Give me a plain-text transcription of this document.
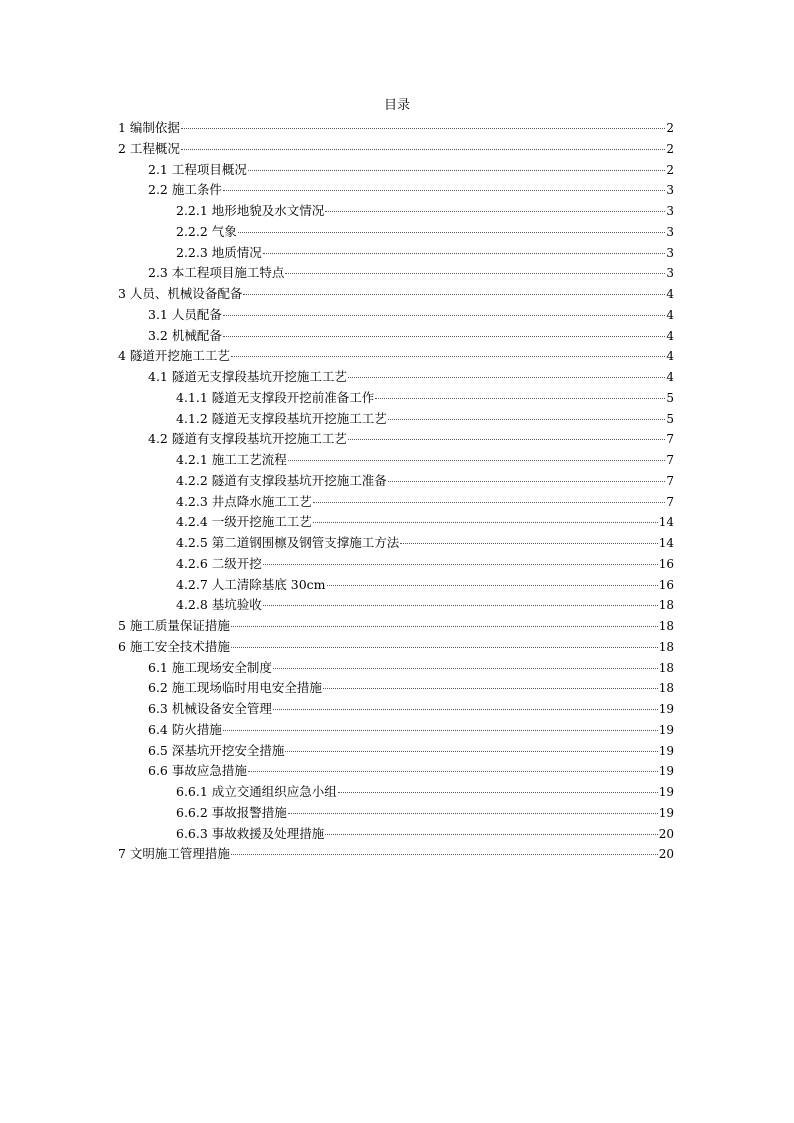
目录
1 编制依据	2
2 工程概况	2
2.1 工程项目概况	2
2.2 施工条件	3
2.2.1 地形地貌及水文情况	3
2.2.2 气象	3
2.2.3 地质情况	3
2.3 本工程项目施工特点	3
3 人员、机械设备配备	4
3.1 人员配备	4
3.2 机械配备	4
4 隧道开挖施工工艺	4
4.1 隧道无支撑段基坑开挖施工工艺	4
4.1.1 隧道无支撑段开挖前准备工作	5
4.1.2 隧道无支撑段基坑开挖施工工艺	5
4.2 隧道有支撑段基坑开挖施工工艺	7
4.2.1 施工工艺流程	7
4.2.2 隧道有支撑段基坑开挖施工准备	7
4.2.3 井点降水施工工艺	7
4.2.4 一级开挖施工工艺	14
4.2.5 第二道钢围檩及钢管支撑施工方法	14
4.2.6 二级开挖	16
4.2.7 人工清除基底 30cm	16
4.2.8 基坑验收	18
5 施工质量保证措施	18
6 施工安全技术措施	18
6.1 施工现场安全制度	18
6.2 施工现场临时用电安全措施	18
6.3 机械设备安全管理	19
6.4 防火措施	19
6.5 深基坑开挖安全措施	19
6.6 事故应急措施	19
6.6.1 成立交通组织应急小组	19
6.6.2 事故报警措施	19
6.6.3 事故救援及处理措施	20
7 文明施工管理措施	20
